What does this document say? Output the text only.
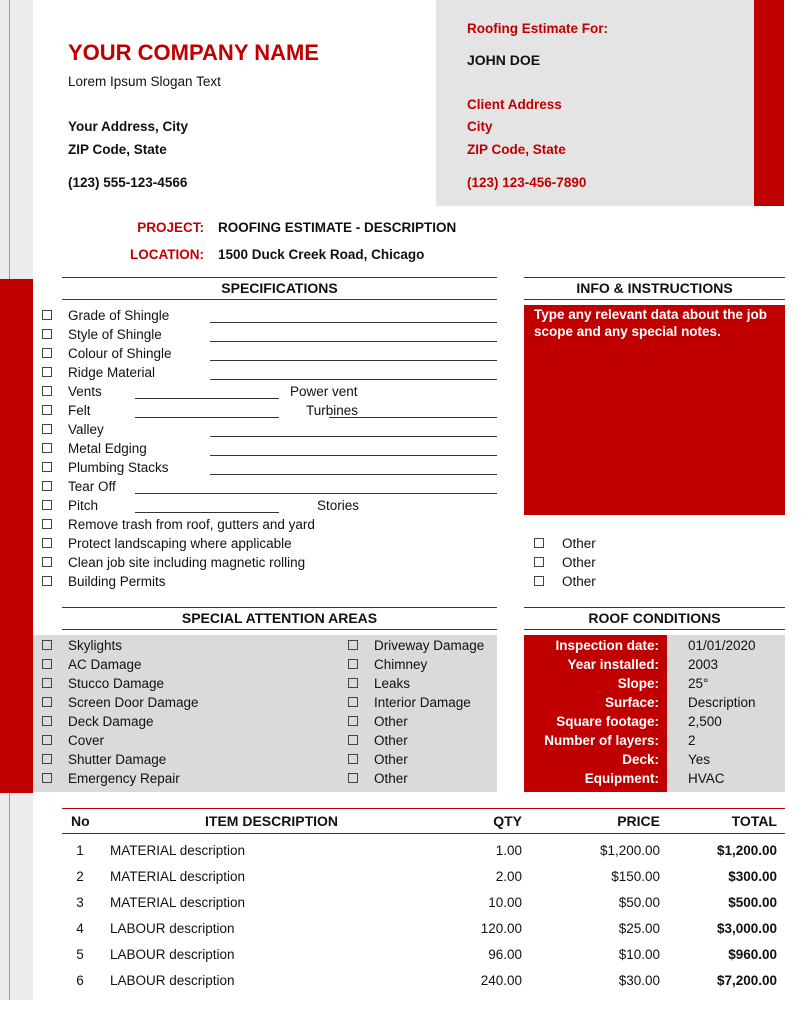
YOUR COMPANY NAME
Lorem Ipsum Slogan Text
Your Address, City
ZIP Code, State
(123) 555-123-4566
Roofing Estimate For:
JOHN DOE
Client Address
City
ZIP Code, State
(123) 123-456-7890
PROJECT: ROOFING ESTIMATE - DESCRIPTION
LOCATION: 1500 Duck Creek Road, Chicago
SPECIFICATIONS
Grade of Shingle
Style of Shingle
Colour of Shingle
Ridge Material
Vents	Power vent
Felt	Turbines
Valley
Metal Edging
Plumbing Stacks
Tear Off
Pitch	Stories
Remove trash from roof, gutters and yard
Protect landscaping where applicable
Clean job site including magnetic rolling
Building Permits
INFO & INSTRUCTIONS
Type any relevant data about the job scope and any special notes.
Other
Other
Other
SPECIAL ATTENTION AREAS
Skylights
AC Damage
Stucco Damage
Screen Door Damage
Deck Damage
Cover
Shutter Damage
Emergency Repair
Driveway Damage
Chimney
Leaks
Interior Damage
Other
Other
Other
Other
ROOF CONDITIONS
Inspection date: 01/01/2020
Year installed: 2003
Slope: 25°
Surface: Description
Square footage: 2,500
Number of layers: 2
Deck: Yes
Equipment: HVAC
No	ITEM DESCRIPTION	QTY	PRICE	TOTAL
1	MATERIAL description	1.00	$1,200.00	$1,200.00
2	MATERIAL description	2.00	$150.00	$300.00
3	MATERIAL description	10.00	$50.00	$500.00
4	LABOUR description	120.00	$25.00	$3,000.00
5	LABOUR description	96.00	$10.00	$960.00
6	LABOUR description	240.00	$30.00	$7,200.00
